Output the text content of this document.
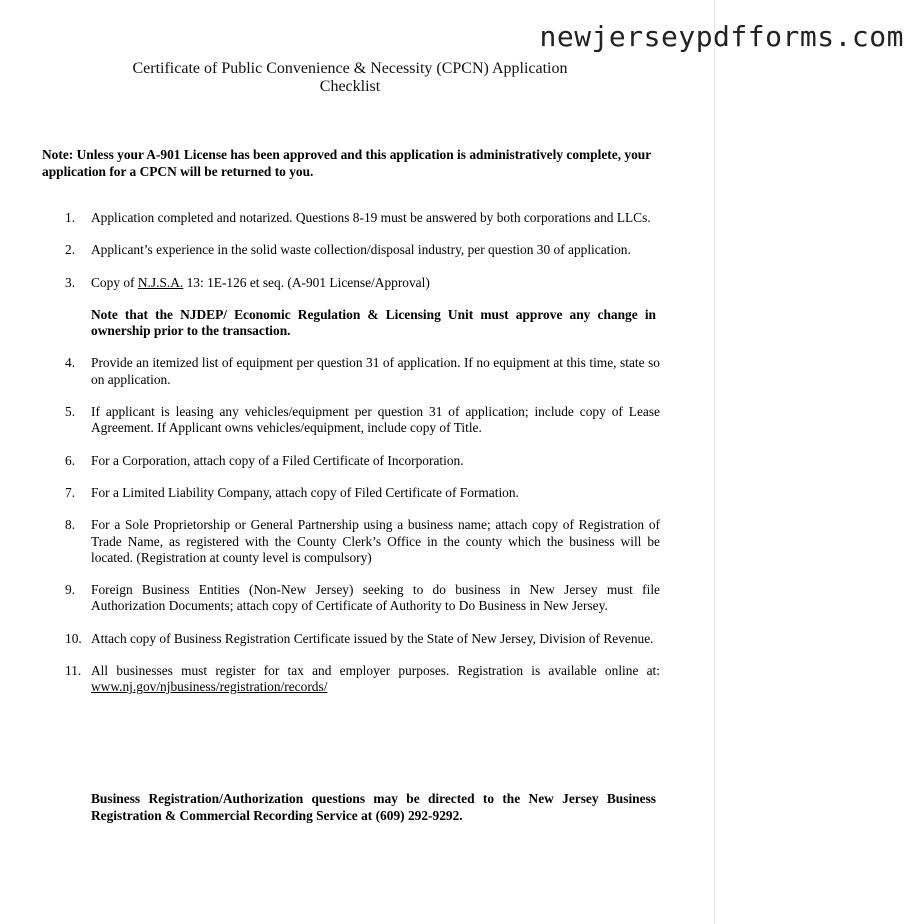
Certificate of Public Convenience & Necessity (CPCN) Application
Checklist
Note: Unless your A-901 License has been approved and this application is administratively complete, your application for a CPCN will be returned to you.
1.	Application completed and notarized. Questions 8-19 must be answered by both corporations and LLCs.
2.	Applicant’s experience in the solid waste collection/disposal industry, per question 30 of application.
3.	Copy of N.J.S.A. 13: 1E-126 et seq. (A-901 License/Approval)
Note that the NJDEP/ Economic Regulation & Licensing Unit must approve any change in ownership prior to the transaction.
4.	Provide an itemized list of equipment per question 31 of application. If no equipment at this time, state so on application.
5.	If applicant is leasing any vehicles/equipment per question 31 of application; include copy of Lease Agreement. If Applicant owns vehicles/equipment, include copy of Title.
6.	For a Corporation, attach copy of a Filed Certificate of Incorporation.
7.	For a Limited Liability Company, attach copy of Filed Certificate of Formation.
8.	For a Sole Proprietorship or General Partnership using a business name; attach copy of Registration of Trade Name, as registered with the County Clerk’s Office in the county which the business will be located. (Registration at county level is compulsory)
9.	Foreign Business Entities (Non-New Jersey) seeking to do business in New Jersey must file Authorization Documents; attach copy of Certificate of Authority to Do Business in New Jersey.
10. Attach copy of Business Registration Certificate issued by the State of New Jersey, Division of Revenue.
11. All businesses must register for tax and employer purposes. Registration is available online at: www.nj.gov/njbusiness/registration/records/
Business Registration/Authorization questions may be directed to the New Jersey Business Registration & Commercial Recording Service at (609) 292-9292.
newjerseypdfforms.com
